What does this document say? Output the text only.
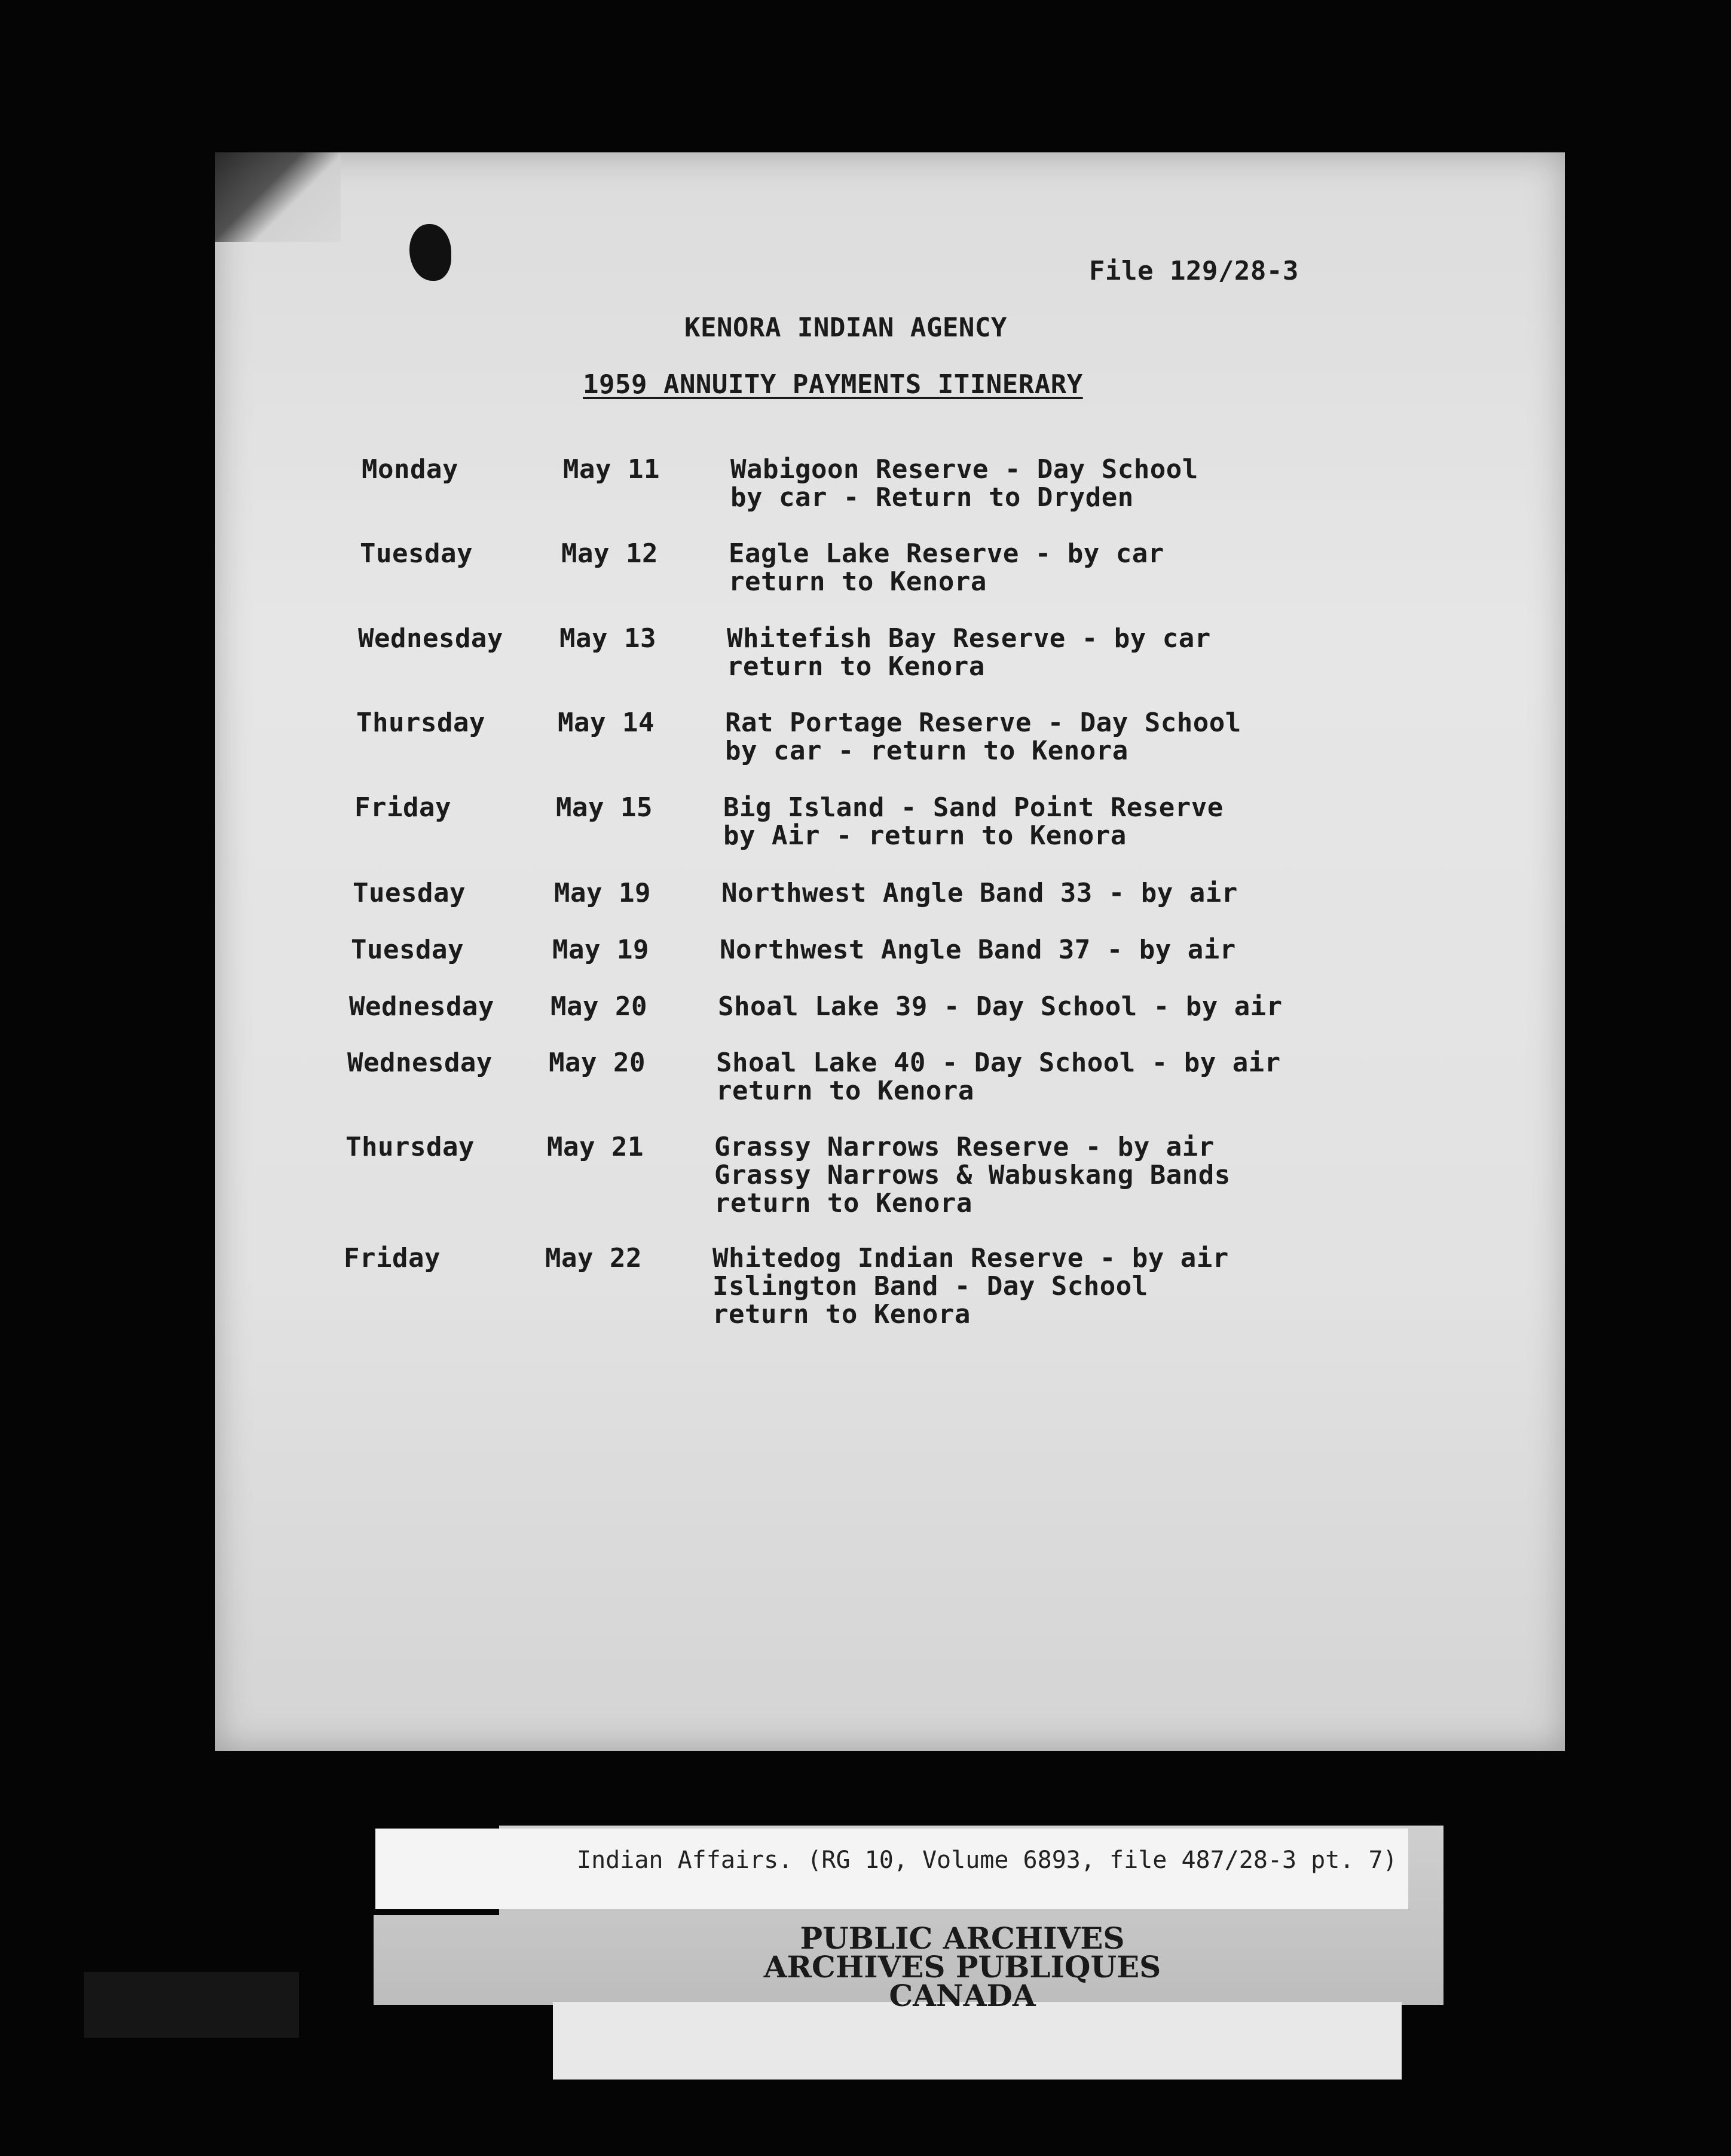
File 129/28-3
KENORA INDIAN AGENCY
1959 ANNUITY PAYMENTS ITINERARY
Monday	May 11	Wabigoon Reserve - Day School
by car - Return to Dryden
Tuesday	May 12	Eagle Lake Reserve - by car
return to Kenora
Wednesday May 13	Whitefish Bay Reserve - by car
return to Kenora
Thursday	May 14	Rat Portage Reserve - Day School
by car - return to Kenora
Friday	May 15	Big Island - Sand Point Reserve
by Air - return to Kenora
Tuesday	May 19	Northwest Angle Band 33 - by air
Tuesday	May 19	Northwest Angle Band 37 - by air
Wednesday May 20	Shoal Lake 39 - Day School - by air
Wednesday May 20	Shoal Lake 40 - Day School - by air
return to Kenora
Thursday	May 21	Grassy Narrows Reserve - by air
Grassy Narrows & Wabuskang Bands
return to Kenora
Friday	May 22	Whitedog Indian Reserve - by air
Islington Band - Day School
return to Kenora
Indian Affairs. (RG 10, Volume 6893, file 487/28-3 pt. 7)
PUBLIC ARCHIVES
ARCHIVES PUBLIQUES
CANADA
